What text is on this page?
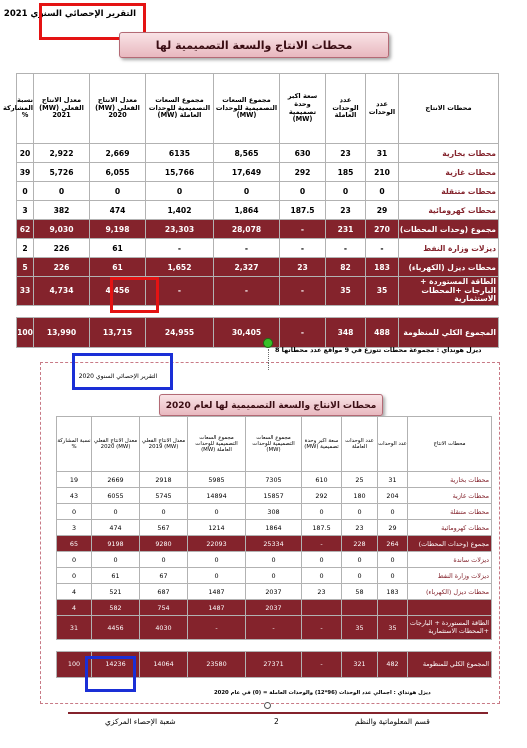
التقرير الإحصائي السنوي 2021
محطات الانتاج والسعة التصميمية لها
محطات الانتاج	عدد الوحدات	عدد الوحدات العاملة	سعة اكبر وحدة تصميمية (MW)	مجموع السعات التصميمية للوحدات (MW)	مجموع السعات التصميمية للوحدات العاملة (MW)	معدل الانتاج الفعلي (MW) 2020	معدل الانتاج الفعلي (MW) 2021	نسبة المشاركة %
محطات بخارية	31	23	630	8,565	6135	2,669	2,922	20
محطات غازية	210	185	292	17,649	15,766	6,055	5,726	39
محطات متنقلة	0	0	0	0	0	0	0	0
محطات كهرومائية	29	23	187.5	1,864	1,402	474	382	3
مجموع (وحدات المحطات)	270	231	-	28,078	23,303	9,198	9,030	62
ديزلات وزارة النفط	-	-	-	-	-	61	226	2
محطات ديزل (الكهرباء)	183	82	23	2,327	1,652	61	226	5
الطاقة المستوردة + البارجات +المحطات الاستثمارية	35	35	-	-	-	4,456	4,734	33

المجموع الكلي للمنظومة	488	348	-	30,405	24,955	13,715	13,990	100
ديزل هونداي : مجموعة محطات تتوزع في 9 مواقع عدد محطاتها 8
التقرير الإحصائي السنوي 2020
محطات الانتاج والسعة التصميمية لها لعام 2020
محطات الانتاج	عدد الوحدات	عدد الوحدات العاملة	سعة اكبر وحدة تصميمية (MW)	مجموع السعات التصميمية للوحدات (MW)	مجموع السعات التصميمية للوحدات العاملة (MW)	معدل الانتاج الفعلي (MW) 2019	معدل الانتاج الفعلي (MW) 2020	نسبة المشاركة %
محطات بخارية	31	25	610	7305	5985	2918	2669	19
محطات غازية	204	180	292	15857	14894	5745	6055	43
محطات متنقلة	0	0	0	308	0	0	0	0
محطات كهرومائية	29	23	187.5	1864	1214	567	474	3
مجموع (وحدات المحطات)	264	228	-	25334	22093	9280	9198	65
ديزلات ساندة	0	0	0	0	0	0	0	0
ديزلات وزارة النفط	0	0	0	0	0	67	61	0
محطات ديزل (الكهرباء)	183	58	23	2037	1487	687	521	4
				2037	1487	754	582	4
الطاقة المستوردة + البارجات +المحطات الاستثمارية	35	35	-	-	-	4030	4456	31

المجموع الكلي للمنظومة	482	321	-	27371	23580	14064	14236	100
ديزل هونداي : اجمالي عدد الوحدات (96*12) والوحدات العاملة = (0) في عام 2020
شعبة الإحصاء المركزي	2	قسم المعلوماتية والنظم
